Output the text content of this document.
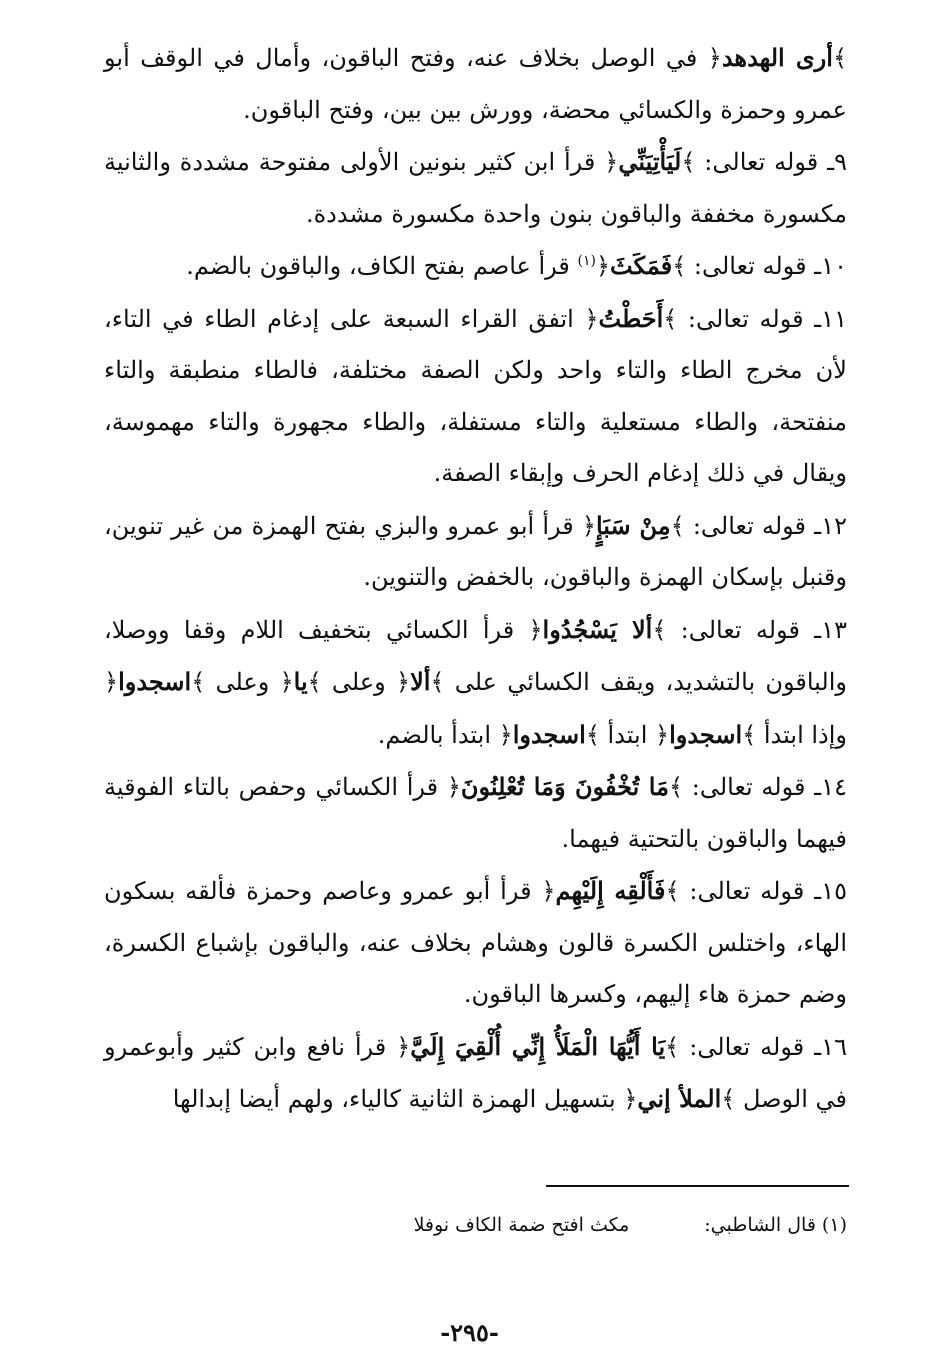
﴾ أرى الهدهد ﴿ في الوصل بخلاف عنه، وفتح الباقون، وأمال في الوقف أبو عمرو وحمزة والكسائي محضة، وورش بين بين، وفتح الباقون.

٩ـ قوله تعالى: ﴾ لَيَأْتِيَنِّي ﴿ قرأ ابن كثير بنونين الأولى مفتوحة مشددة والثانية مكسورة مخففة والباقون بنون واحدة مكسورة مشددة.

١٠ـ قوله تعالى: ﴾ فَمَكَثَ ﴿$^{(١)}$ قرأ عاصم بفتح الكاف، والباقون بالضم.

١١ـ قوله تعالى: ﴾ أَحَطْتُ ﴿ اتفق القراء السبعة على إدغام الطاء في التاء، لأن مخرج الطاء والتاء واحد ولكن الصفة مختلفة، فالطاء منطبقة والتاء منفتحة، والطاء مستعلية والتاء مستفلة، والطاء مجهورة والتاء مهموسة، ويقال في ذلك إدغام الحرف وإبقاء الصفة.

١٢ـ قوله تعالى: ﴾ مِنْ سَبَإٍ ﴿ قرأ أبو عمرو والبزي بفتح الهمزة من غير تنوين، وقنبل بإسكان الهمزة والباقون، بالخفض والتنوين.

١٣ـ قوله تعالى: ﴾ ألا يَسْجُدُوا ﴿ قرأ الكسائي بتخفيف اللام وقفا ووصلا، والباقون بالتشديد، ويقف الكسائي على ﴾ ألا ﴿ وعلى ﴾ يا ﴿ وعلى ﴾ اسجدوا ﴿ وإذا ابتدأ ﴾ اسجدوا ﴿ ابتدأ ﴾ اسجدوا ﴿ ابتدأ بالضم.

١٤ـ قوله تعالى: ﴾ مَا تُخْفُونَ وَمَا تُعْلِنُونَ ﴿ قرأ الكسائي وحفص بالتاء الفوقية فيهما والباقون بالتحتية فيهما.

١٥ـ قوله تعالى: ﴾ فَأَلْقِه إِلَيْهِم ﴿ قرأ أبو عمرو وعاصم وحمزة فألقه بسكون الهاء، واختلس الكسرة قالون وهشام بخلاف عنه، والباقون بإشباع الكسرة، وضم حمزة هاء إليهم، وكسرها الباقون.

١٦ـ قوله تعالى: ﴾ يَا أَيُّهَا الْمَلَأُ إِنِّي أُلْقِيَ إِلَيَّ ﴿ قرأ نافع وابن كثير وأبوعمرو في الوصل ﴾ الملأ إني ﴿ بتسهيل الهمزة الثانية كالياء، ولهم أيضا إبدالها

(١) قال الشاطبي:مكث افتح ضمة الكاف نوفلا
-٢٩٥-
